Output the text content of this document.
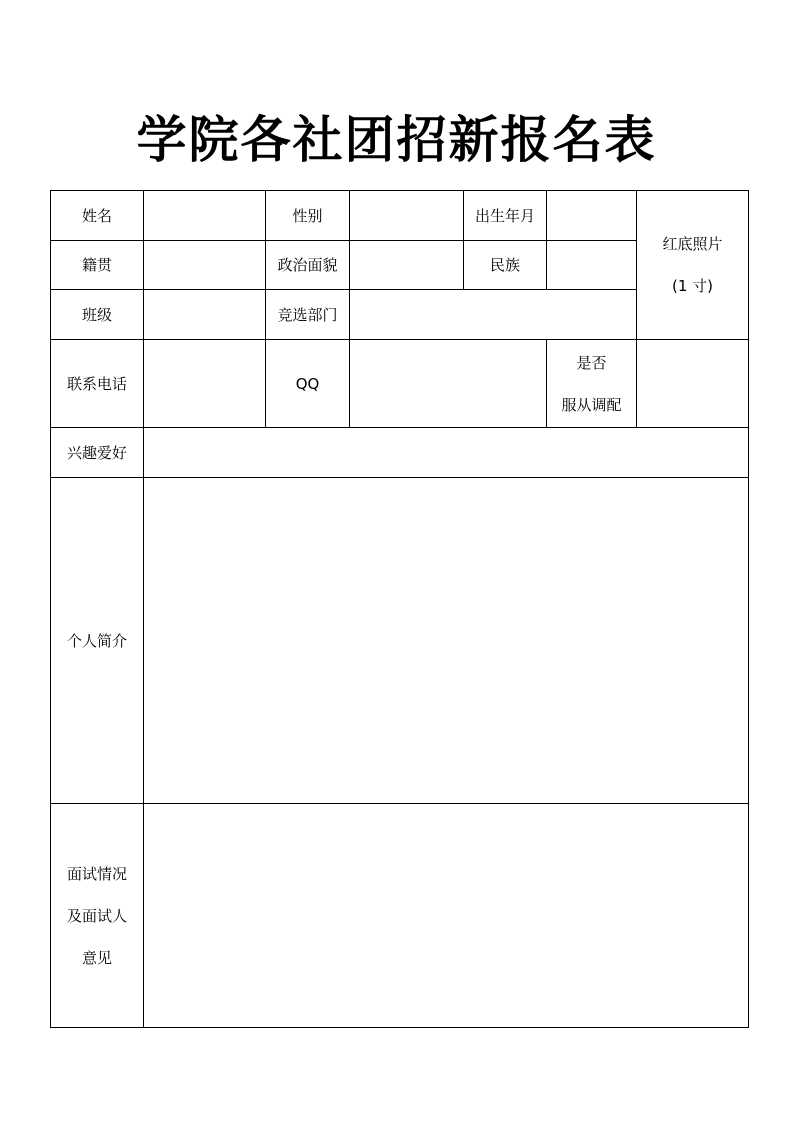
学院各社团招新报名表
姓名		性别		出生年月		红底照片
(1 寸)

籍贯		政治面貌		民族		
班级		竞选部门				
联系电话		QQ			是否
服从调配	

兴趣爱好						
个人简介						

面试情况
及面试人
意见						
